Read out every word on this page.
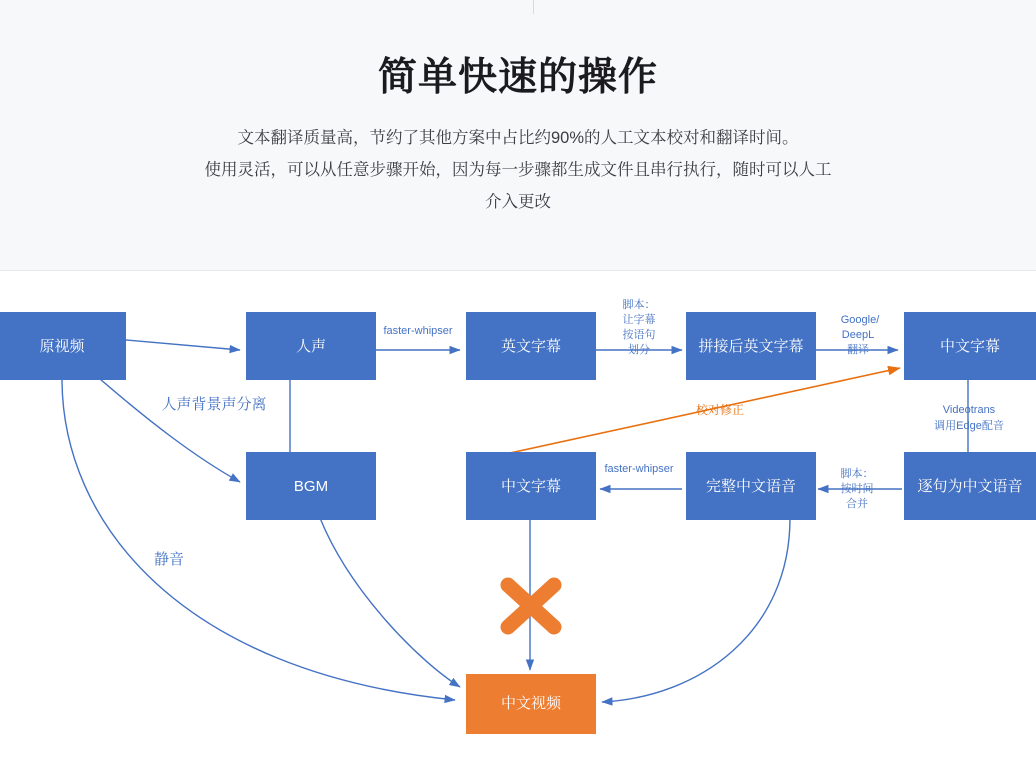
简单快速的操作
文本翻译质量高，节约了其他方案中占比约90%的人工文本校对和翻译时间。
使用灵活，可以从任意步骤开始，因为每一步骤都生成文件且串行执行，随时可以人工
介入更改
原视频	人声	英文字幕	拼接后英文字幕	中文字幕
BGM	中文字幕	完整中文语音	逐句为中文语音
中文视频
人声背景声分离
faster-whipser
脚本：
让字幕
按语句
划分
Google/
DeepL
翻译
Videotrans
调用Edge配音
脚本：
按时间
合并
faster-whipser
校对修正
静音
